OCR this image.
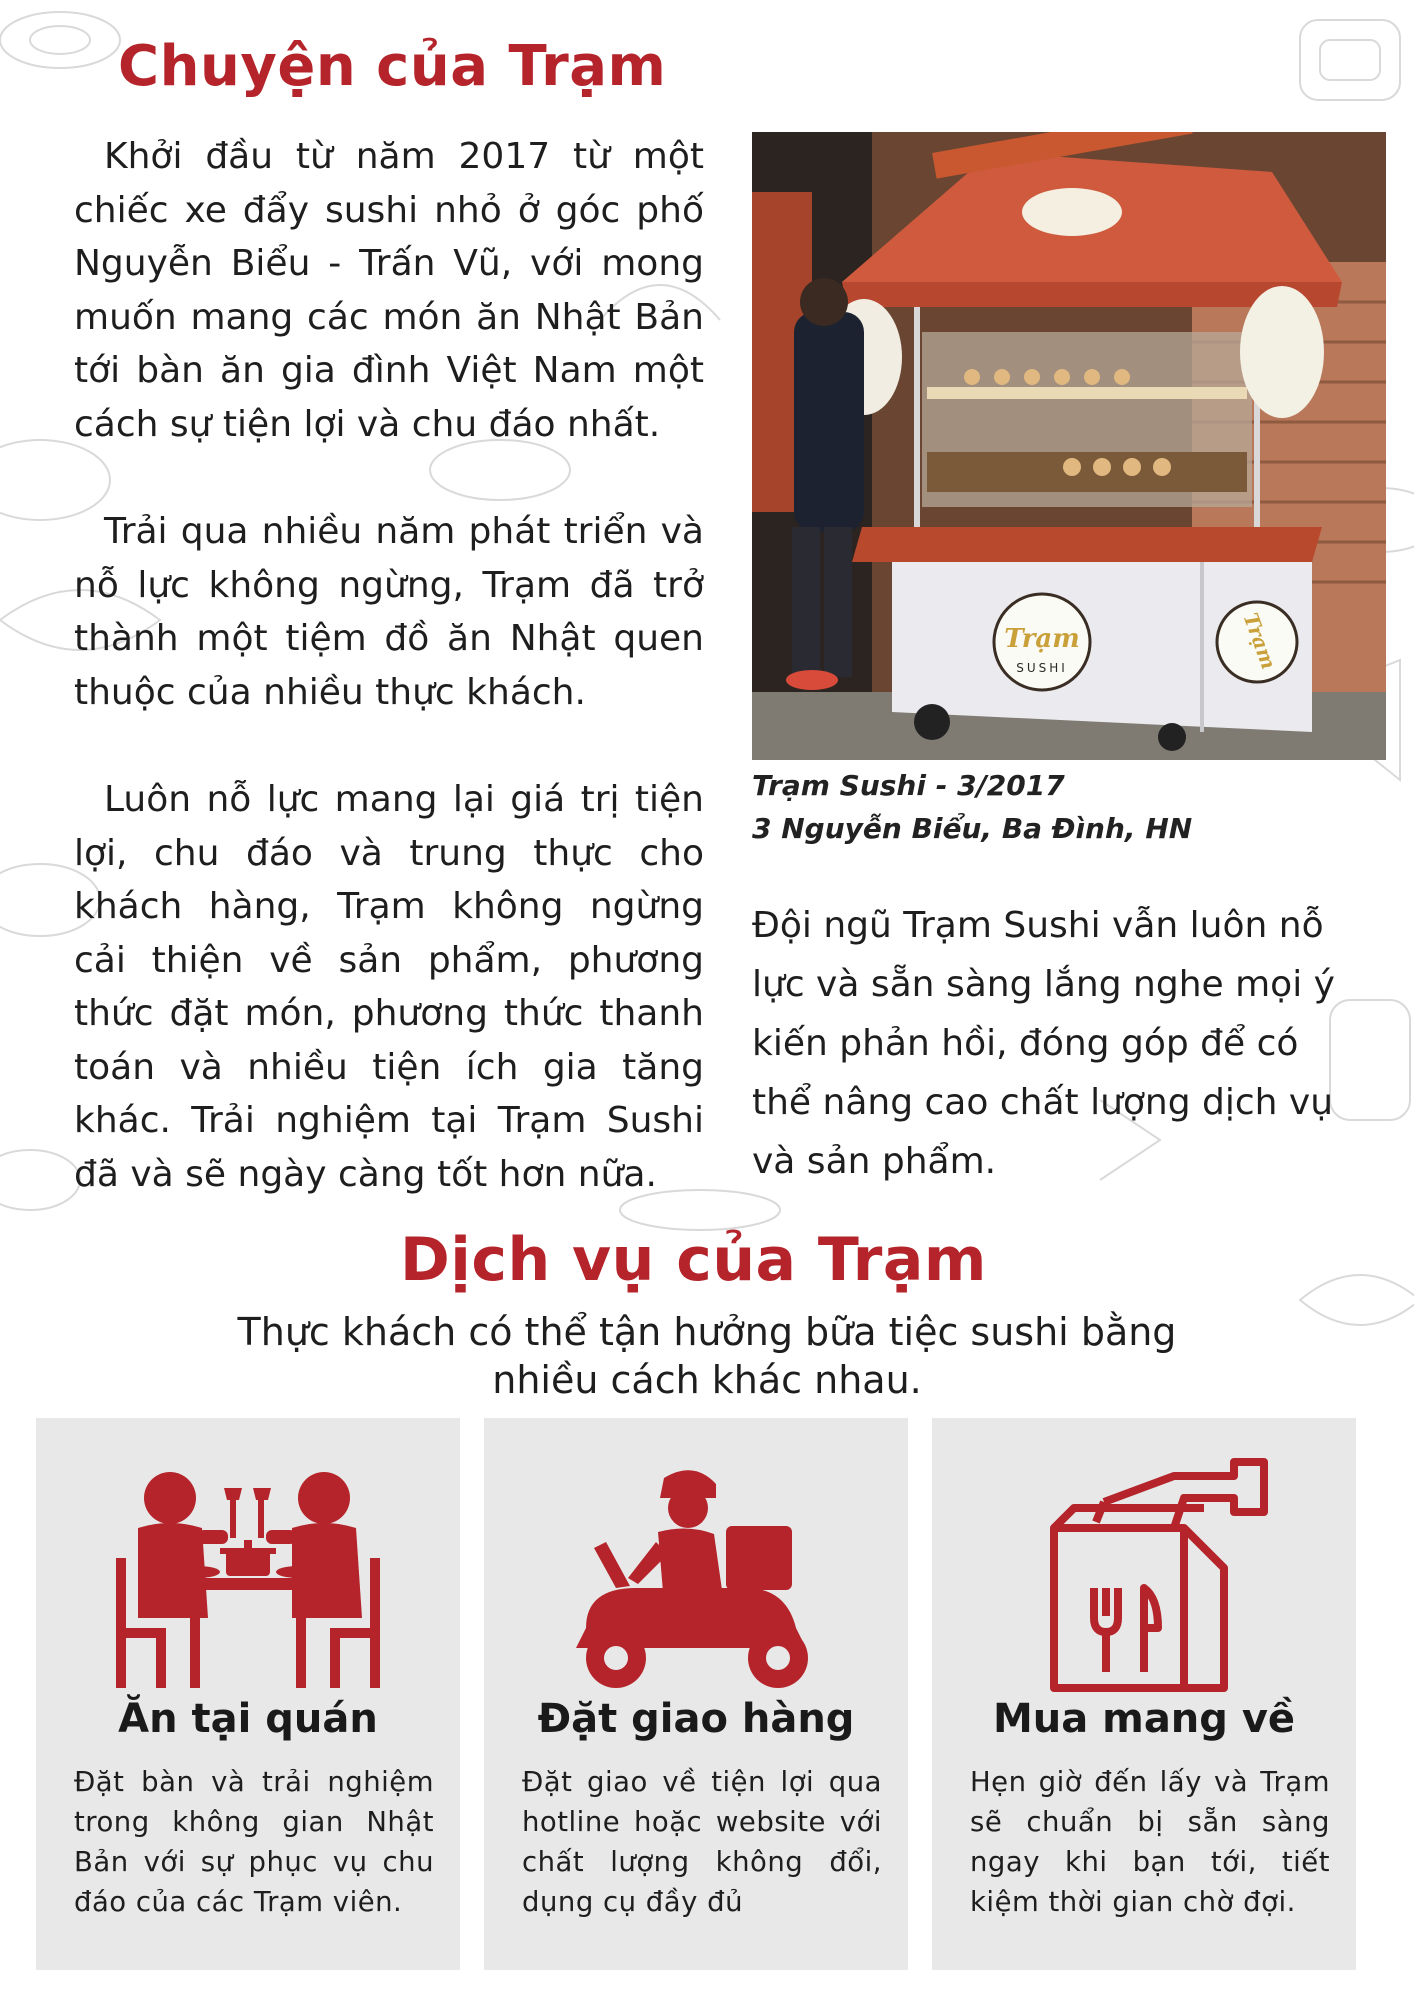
Chuyện của Trạm

Khởi đầu từ năm 2017 từ một chiếc xe đẩy sushi nhỏ ở góc phố Nguyễn Biểu - Trấn Vũ, với mong muốn mang các món ăn Nhật Bản tới bàn ăn gia đình Việt Nam một cách sự tiện lợi và chu đáo nhất.

Trải qua nhiều năm phát triển và nỗ lực không ngừng, Trạm đã trở thành một tiệm đồ ăn Nhật quen thuộc của nhiều thực khách.

Luôn nỗ lực mang lại giá trị tiện lợi, chu đáo và trung thực cho khách hàng, Trạm không ngừng cải thiện về sản phẩm, phương thức đặt món, phương thức thanh toán và nhiều tiện ích gia tăng khác. Trải nghiệm tại Trạm Sushi đã và sẽ ngày càng tốt hơn nữa.

Trạm
SUSHI	Trạm
Trạm Sushi - 3/2017
3 Nguyễn Biểu, Ba Đình, HN
Đội ngũ Trạm Sushi vẫn luôn nỗ lực và sẵn sàng lắng nghe mọi ý kiến phản hồi, đóng góp để có thể nâng cao chất lượng dịch vụ và sản phẩm.
Dịch vụ của Trạm
Thực khách có thể tận hưởng bữa tiệc sushi bằng
nhiều cách khác nhau.
Ăn tại quán
Đặt bàn và trải nghiệm trong không gian Nhật Bản với sự phục vụ chu đáo của các Trạm viên.
Đặt giao hàng
Đặt giao về tiện lợi qua hotline hoặc website với chất lượng không đổi, dụng cụ đầy đủ
Mua mang về
Hẹn giờ đến lấy và Trạm sẽ chuẩn bị sẵn sàng ngay khi bạn tới, tiết kiệm thời gian chờ đợi.
